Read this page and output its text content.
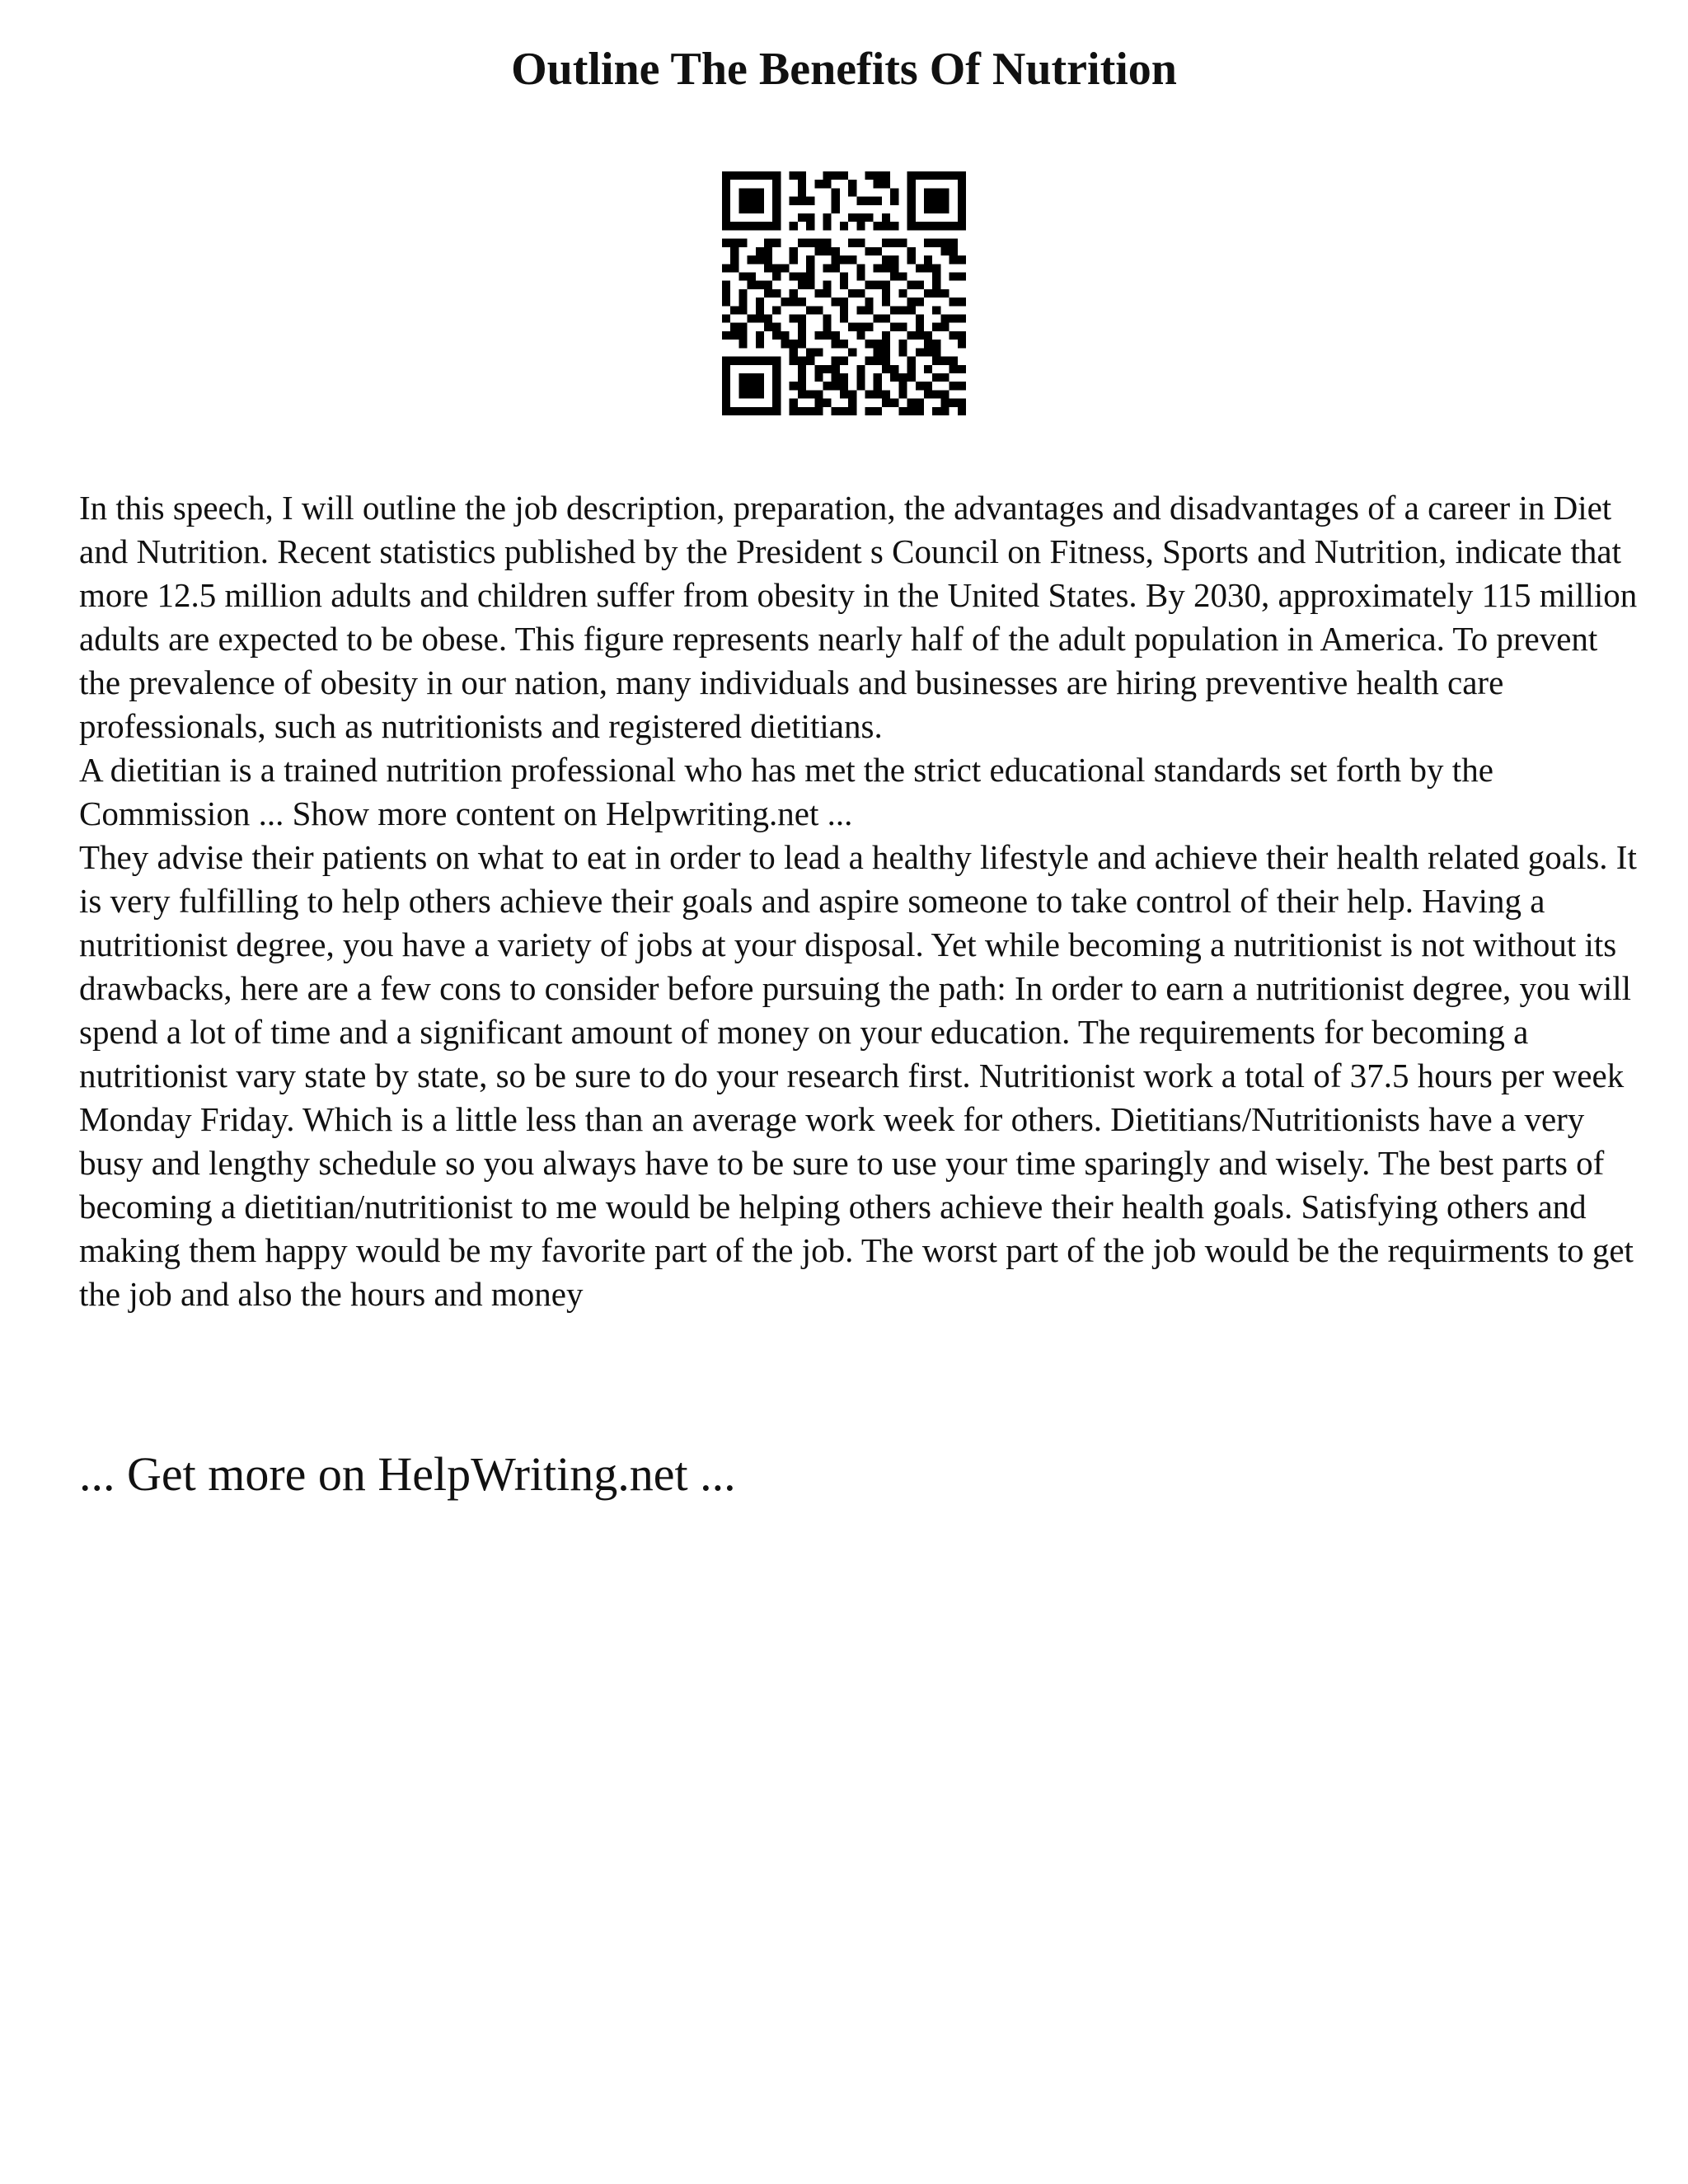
Outline The Benefits Of Nutrition

In this speech, I will outline the job description, preparation, the advantages and disadvantages of a career in Diet and Nutrition. Recent statistics published by the President s Council on Fitness, Sports and Nutrition, indicate that more 12.5 million adults and children suffer from obesity in the United States. By 2030, approximately 115 million adults are expected to be obese. This figure represents nearly half of the adult population in America. To prevent the prevalence of obesity in our nation, many individuals and businesses are hiring preventive health care professionals, such as nutritionists and registered dietitians.

A dietitian is a trained nutrition professional who has met the strict educational standards set forth by the Commission ... Show more content on Helpwriting.net ...

They advise their patients on what to eat in order to lead a healthy lifestyle and achieve their health related goals. It is very fulfilling to help others achieve their goals and aspire someone to take control of their help. Having a nutritionist degree, you have a variety of jobs at your disposal. Yet while becoming a nutritionist is not without its drawbacks, here are a few cons to consider before pursuing the path: In order to earn a nutritionist degree, you will spend a lot of time and a significant amount of money on your education. The requirements for becoming a nutritionist vary state by state, so be sure to do your research first. Nutritionist work a total of 37.5 hours per week Monday Friday. Which is a little less than an average work week for others. Dietitians/Nutritionists have a very busy and lengthy schedule so you always have to be sure to use your time sparingly and wisely. The best parts of becoming a dietitian/nutritionist to me would be helping others achieve their health goals. Satisfying others and making them happy would be my favorite part of the job. The worst part of the job would be the requirments to get the job and also the hours and money

... Get more on HelpWriting.net ...
